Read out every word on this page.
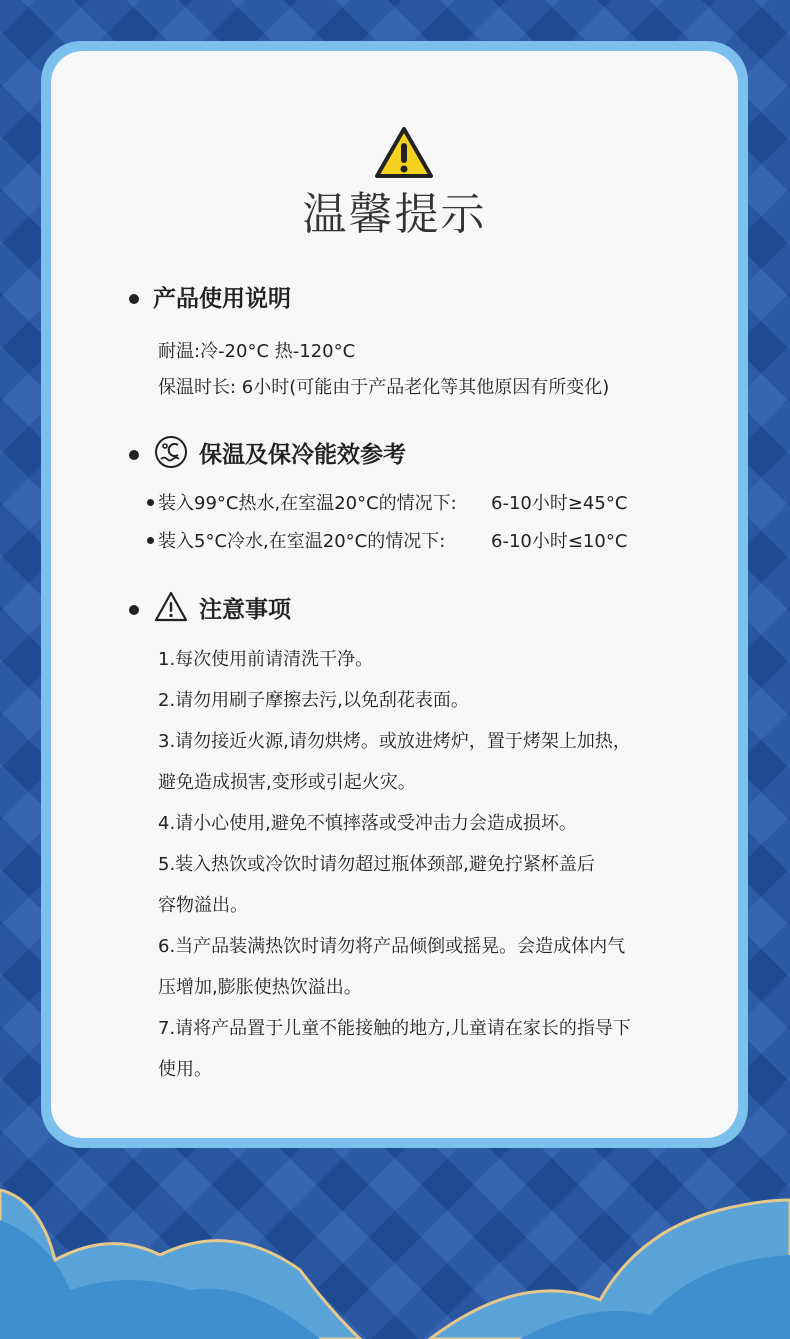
温馨提示
产品使用说明
耐温:冷-20°C 热-120°C
保温时长: 6小时(可能由于产品老化等其他原因有所变化)
保温及保冷能效参考
装入99°C热水,在室温20°C的情况下: 6-10小时≥45°C
装入5°C冷水,在室温20°C的情况下:	6-10小时≤10°C
注意事项
1.每次使用前请清洗干净。
2.请勿用刷子摩擦去污,以免刮花表面。
3.请勿接近火源,请勿烘烤。或放进烤炉，置于烤架上加热，
避免造成损害,变形或引起火灾。
4.请小心使用,避免不慎摔落或受冲击力会造成损坏。
5.装入热饮或冷饮时请勿超过瓶体颈部,避免拧紧杯盖后
容物溢出。
6.当产品装满热饮时请勿将产品倾倒或摇晃。会造成体内气
压增加,膨胀使热饮溢出。
7.请将产品置于儿童不能接触的地方,儿童请在家长的指导下
使用。
